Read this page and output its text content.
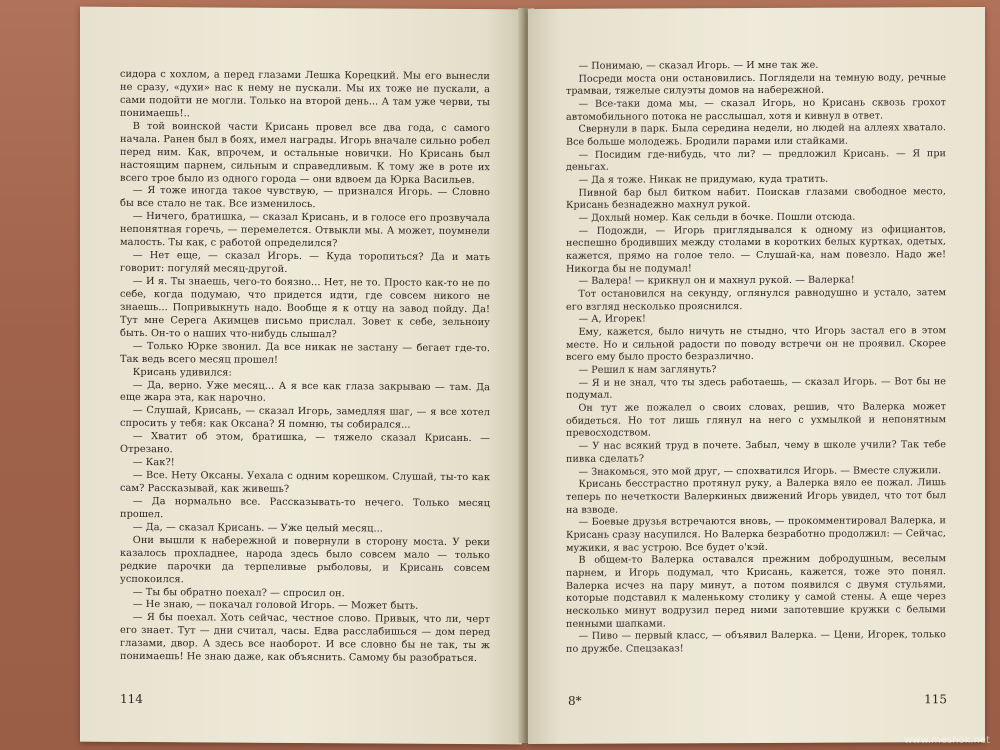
сидора с хохлом, а перед глазами Лешка Корецкий. Мы его вынесли не сразу, «духи» нас к нему не пускали. Мы их тоже не пускали, а сами подойти не могли. Только на второй день... А там уже черви, ты понимаешь!..

В той воинской части Крисань провел все два года, с самого начала. Ранен был в боях, имел награды. Игорь вначале сильно робел перед ним. Как, впрочем, и остальные новички. Но Крисань был настоящим парнем, сильным и справедливым. К тому же в роте их всего трое было из одного города — они вдвоем да Юрка Васильев.

— Я тоже иногда такое чувствую, — признался Игорь. — Словно бы все стало не так. Все изменилось.

— Ничего, братишка, — сказал Крисань, и в голосе его прозвучала непонятная горечь, — перемелется. Отвыкли мы. А может, поумнели малость. Ты как, с работой определился?

— Нет еще, — сказал Игорь. — Куда торопиться? Да и мать говорит: погуляй месяц-другой.

— И я. Ты знаешь, чего-то боязно... Нет, не то. Просто как-то не по себе, когда подумаю, что придется идти, где совсем никого не знаешь... Попривыкнуть надо. Вообще я к отцу на завод пойду. Да! Тут мне Серега Акимцев письмо прислал. Зовет к себе, зельноиу быть. Он-то о наших что-нибудь слышал?

— Только Юрке звонил. Да все никак не застану — бегает где-то. Так ведь всего месяц прошел!

Крисань удивился:

— Да, верно. Уже месяц... А я все как глаза закрываю — там. Да еще жара эта, как нарочно.

— Слушай, Крисань, — сказал Игорь, замедляя шаг, — я все хотел спросить у тебя: как Оксана? Я помню, ты собирался...

— Хватит об этом, братишка, — тяжело сказал Крисань. — Отрезано.

— Как?!

— Все. Нету Оксаны. Уехала с одним корешком. Слушай, ты-то как сам? Рассказывай, как живешь?

— Да нормально все. Рассказывать-то нечего. Только месяц прошел.

— Да, — сказал Крисань. — Уже целый месяц...

Они вышли к набережной и повернули в сторону моста. У реки казалось прохладнее, народа здесь было совсем мало — только редкие парочки да терпеливые рыболовы, и Крисань совсем успокоился.

— Ты бы обратно поехал? — спросил он.

— Не знаю, — покачал головой Игорь. — Может быть.

— Я бы поехал. Хоть сейчас, честное слово. Привык, что ли, черт его знает. Тут — дни считал, часы. Едва расслабишься — дом перед глазами, двор. А здесь все наоборот. И все словно бы не так, ты ж понимаешь! Не знаю даже, как объяснить. Самому бы разобраться.

114

— Понимаю, — сказал Игорь. — И мне так же.

Посреди моста они остановились. Поглядели на темную воду, речные трамваи, тяжелые силуэты домов на набережной.

— Все-таки дома мы, — сказал Игорь, но Крисань сквозь грохот автомобильного потока не расслышал, хотя и кивнул в ответ.

Свернули в парк. Была середина недели, но людей на аллеях хватало. Все больше молодежь. Бродили парами или стайками.

— Посидим где-нибудь, что ли? — предложил Крисань. — Я при деньгах.

— Да я тоже. Никак не придумаю, куда тратить.

Пивной бар был битком набит. Поискав глазами свободное место, Крисань безнадежно махнул рукой.

— Дохлый номер. Как сельди в бочке. Пошли отсюда.

— Подожди, — Игорь приглядывался к одному из официантов, неспешно бродивших между столами в коротких белых куртках, одетых, кажется, прямо на голое тело. — Слушай-ка, нам повезло. Надо же! Никогда бы не подумал!

— Валера! — крикнул он и махнул рукой. — Валерка!

Тот остановился на секунду, оглянулся равнодушно и устало, затем его взгляд несколько прояснился.

— А, Игорек!

Ему, кажется, было ничуть не стыдно, что Игорь застал его в этом месте. Но и сильной радости по поводу встречи он не проявил. Скорее всего ему было просто безразлично.

— Решил к нам заглянуть?

— Я и не знал, что ты здесь работаешь, — сказал Игорь. — Вот бы не подумал.

Он тут же пожалел о своих словах, решив, что Валерка может обидеться. Но тот лишь глянул на него с ухмылкой и непонятным превосходством.

— У нас всякий труд в почете. Забыл, чему в школе учили? Так тебе пивка сделать?

— Знакомься, это мой друг, — спохватился Игорь. — Вместе служили.

Крисань бесстрастно протянул руку, а Валерка вяло ее пожал. Лишь теперь по нечеткости Валеркиных движений Игорь увидел, что тот был на взводе.

— Боевые друзья встречаются вновь, — прокомментировал Валерка, и Крисань сразу насупился. Но Валерка безработно продолжил: — Сейчас, мужики, я вас устрою. Все будет о'кэй.

В общем-то Валерка оставался прежним добродушным, веселым парнем, и Игорь подумал, что Крисань, кажется, тоже это понял. Валерка исчез на пару минут, а потом появился с двумя стульями, которые подставил к маленькому столику у самой стены. А еще через несколько минут водрузил перед ними запотевшие кружки с белыми пенными шапками.

— Пиво — первый класс, — объявил Валерка. — Цени, Игорек, только по дружбе. Спецзаказ!

8*	115
www.meshok.net
